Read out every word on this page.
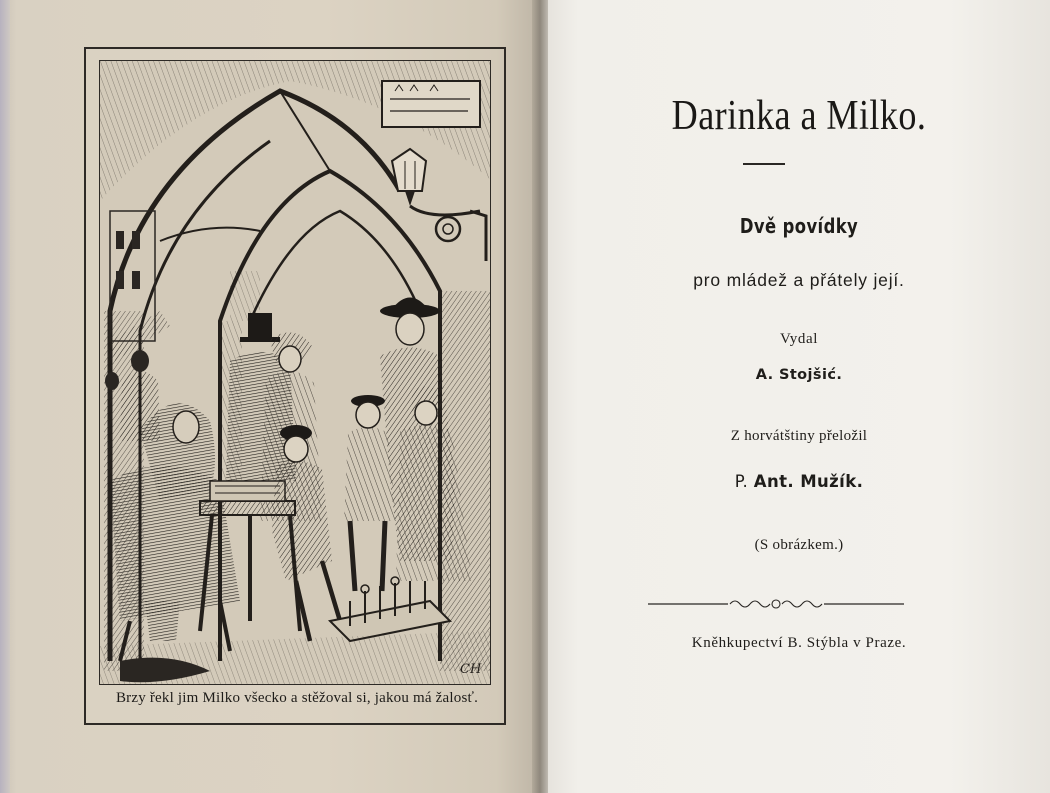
CH
Brzy řekl jim Milko všecko a stěžoval si, jakou má žalosť.
Darinka a Milko.
Dvě povídky
pro mládež a přátely její.
Vydal
A. Stojšić.
Z horvátštiny přeložil
P. Ant. Mužík.
(S obrázkem.)
Kněhkupectví B. Stýbla v Praze.
